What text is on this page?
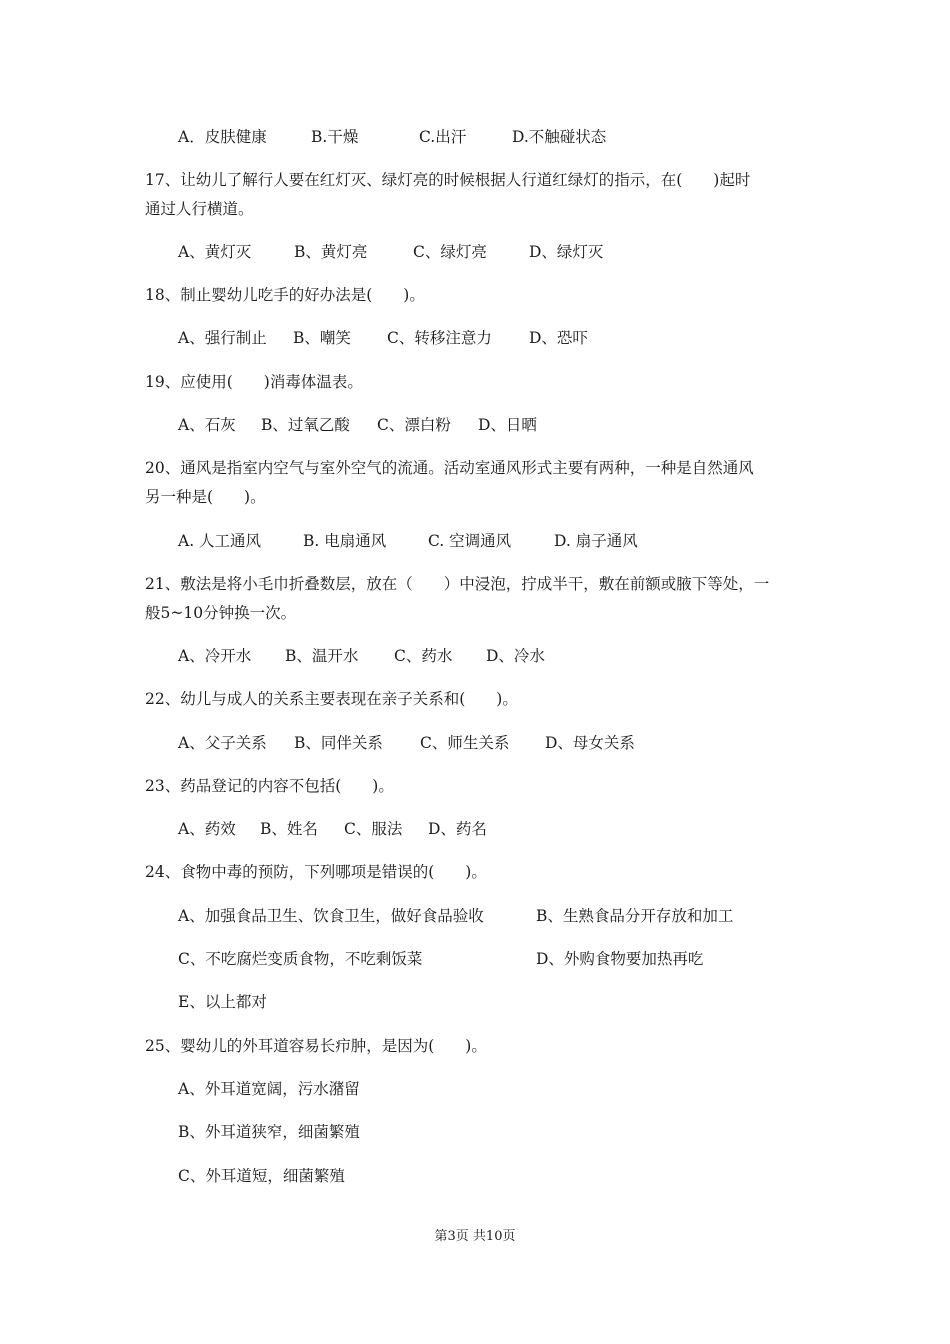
A．皮肤健康

	B.干燥

	C.出汗

	D.不触碰状态

17、让幼儿了解行人要在红灯灭、绿灯亮的时候根据人行道红绿灯的指示，在(　　)起时

通过人行横道。

A、黄灯灭

	B、黄灯亮

	C、绿灯亮

	D、绿灯灭

18、制止婴幼儿吃手的好办法是(　　)。

A、强行制止

B、嘲笑

C、转移注意力

D、恐吓

19、应使用(　　)消毒体温表。

A、石灰

B、过氧乙酸

C、漂白粉

D、日晒

20、通风是指室内空气与室外空气的流通。活动室通风形式主要有两种，一种是自然通风

另一种是(　　)。

A. 人工通风

	B. 电扇通风

	C. 空调通风

	D. 扇子通风

21、敷法是将小毛巾折叠数层，放在（　　）中浸泡，拧成半干，敷在前额或腋下等处，一

般5~10分钟换一次。

A、冷开水

B、温开水

C、药水

D、冷水

22、幼儿与成人的关系主要表现在亲子关系和(　　)。

A、父子关系

B、同伴关系

C、师生关系

D、母女关系

23、药品登记的内容不包括(　　)。

A、药效

B、姓名

C、服法

D、药名

24、食物中毒的预防，下列哪项是错误的(　　)。

A、加强食品卫生、饮食卫生，做好食品验收

	B、生熟食品分开存放和加工

C、不吃腐烂变质食物，不吃剩饭菜

	D、外购食物要加热再吃

E、以上都对

25、婴幼儿的外耳道容易长疖肿，是因为(　　)。

A、外耳道宽阔，污水潴留

B、外耳道狭窄，细菌繁殖

C、外耳道短，细菌繁殖

第3页 共10页
